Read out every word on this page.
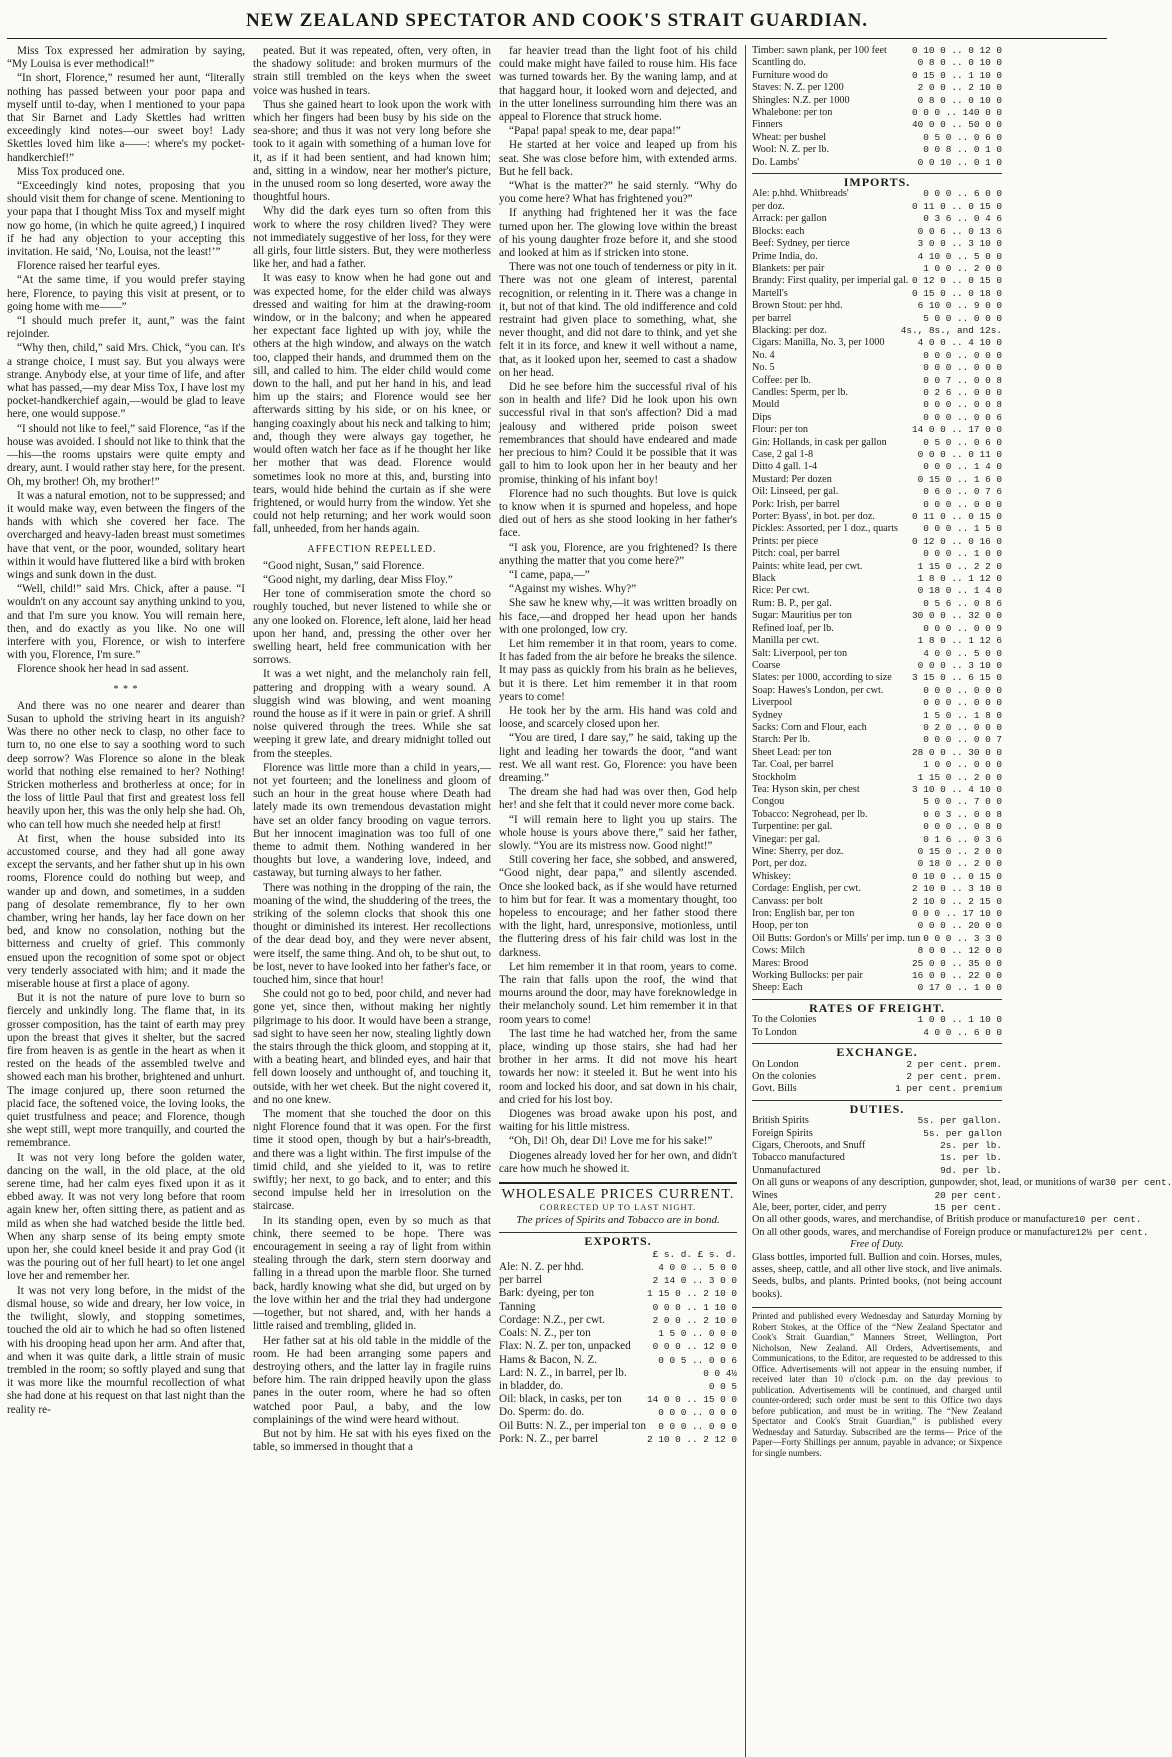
NEW ZEALAND SPECTATOR AND COOK'S STRAIT GUARDIAN.

Miss Tox expressed her admiration by saying, “My Louisa is ever methodical!”

“In short, Florence,” resumed her aunt, “literally nothing has passed between your poor papa and myself until to-day, when I mentioned to your papa that Sir Barnet and Lady Skettles had written exceedingly kind notes—our sweet boy! Lady Skettles loved him like a——: where's my pocket-handkerchief!”

Miss Tox produced one.

“Exceedingly kind notes, proposing that you should visit them for change of scene. Mentioning to your papa that I thought Miss Tox and myself might now go home, (in which he quite agreed,) I inquired if he had any objection to your accepting this invitation. He said, ‘No, Louisa, not the least!’”

Florence raised her tearful eyes.

“At the same time, if you would prefer staying here, Florence, to paying this visit at present, or to going home with me——”

“I should much prefer it, aunt,” was the faint rejoinder.

“Why then, child,” said Mrs. Chick, “you can. It's a strange choice, I must say. But you always were strange. Anybody else, at your time of life, and after what has passed,—my dear Miss Tox, I have lost my pocket-handkerchief again,—would be glad to leave here, one would suppose.”

“I should not like to feel,” said Florence, “as if the house was avoided. I should not like to think that the—his—the rooms upstairs were quite empty and dreary, aunt. I would rather stay here, for the present. Oh, my brother! Oh, my brother!”

It was a natural emotion, not to be suppressed; and it would make way, even between the fingers of the hands with which she covered her face. The overcharged and heavy-laden breast must sometimes have that vent, or the poor, wounded, solitary heart within it would have fluttered like a bird with broken wings and sunk down in the dust.

“Well, child!” said Mrs. Chick, after a pause. “I wouldn't on any account say anything unkind to you, and that I'm sure you know. You will remain here, then, and do exactly as you like. No one will interfere with you, Florence, or wish to interfere with you, Florence, I'm sure.”

Florence shook her head in sad assent.

* * *

And there was no one nearer and dearer than Susan to uphold the striving heart in its anguish? Was there no other neck to clasp, no other face to turn to, no one else to say a soothing word to such deep sorrow? Was Florence so alone in the bleak world that nothing else remained to her? Nothing! Stricken motherless and brotherless at once; for in the loss of little Paul that first and greatest loss fell heavily upon her, this was the only help she had. Oh, who can tell how much she needed help at first!

At first, when the house subsided into its accustomed course, and they had all gone away except the servants, and her father shut up in his own rooms, Florence could do nothing but weep, and wander up and down, and sometimes, in a sudden pang of desolate remembrance, fly to her own chamber, wring her hands, lay her face down on her bed, and know no consolation, nothing but the bitterness and cruelty of grief. This commonly ensued upon the recognition of some spot or object very tenderly associated with him; and it made the miserable house at first a place of agony.

But it is not the nature of pure love to burn so fiercely and unkindly long. The flame that, in its grosser composition, has the taint of earth may prey upon the breast that gives it shelter, but the sacred fire from heaven is as gentle in the heart as when it rested on the heads of the assembled twelve and showed each man his brother, brightened and unhurt. The image conjured up, there soon returned the placid face, the softened voice, the loving looks, the quiet trustfulness and peace; and Florence, though she wept still, wept more tranquilly, and courted the remembrance.

It was not very long before the golden water, dancing on the wall, in the old place, at the old serene time, had her calm eyes fixed upon it as it ebbed away. It was not very long before that room again knew her, often sitting there, as patient and as mild as when she had watched beside the little bed. When any sharp sense of its being empty smote upon her, she could kneel beside it and pray God (it was the pouring out of her full heart) to let one angel love her and remember her.

It was not very long before, in the midst of the dismal house, so wide and dreary, her low voice, in the twilight, slowly, and stopping sometimes, touched the old air to which he had so often listened with his drooping head upon her arm. And after that, and when it was quite dark, a little strain of music trembled in the room; so softly played and sung that it was more like the mournful recollection of what she had done at his request on that last night than the reality re-

peated. But it was repeated, often, very often, in the shadowy solitude: and broken murmurs of the strain still trembled on the keys when the sweet voice was hushed in tears.

Thus she gained heart to look upon the work with which her fingers had been busy by his side on the sea-shore; and thus it was not very long before she took to it again with something of a human love for it, as if it had been sentient, and had known him; and, sitting in a window, near her mother's picture, in the unused room so long deserted, wore away the thoughtful hours.

Why did the dark eyes turn so often from this work to where the rosy children lived? They were not immediately suggestive of her loss, for they were all girls, four little sisters. But, they were motherless like her, and had a father.

It was easy to know when he had gone out and was expected home, for the elder child was always dressed and waiting for him at the drawing-room window, or in the balcony; and when he appeared her expectant face lighted up with joy, while the others at the high window, and always on the watch too, clapped their hands, and drummed them on the sill, and called to him. The elder child would come down to the hall, and put her hand in his, and lead him up the stairs; and Florence would see her afterwards sitting by his side, or on his knee, or hanging coaxingly about his neck and talking to him; and, though they were always gay together, he would often watch her face as if he thought her like her mother that was dead. Florence would sometimes look no more at this, and, bursting into tears, would hide behind the curtain as if she were frightened, or would hurry from the window. Yet she could not help returning; and her work would soon fall, unheeded, from her hands again.

AFFECTION REPELLED.

“Good night, Susan,” said Florence.

“Good night, my darling, dear Miss Floy.”

Her tone of commiseration smote the chord so roughly touched, but never listened to while she or any one looked on. Florence, left alone, laid her head upon her hand, and, pressing the other over her swelling heart, held free communication with her sorrows.

It was a wet night, and the melancholy rain fell, pattering and dropping with a weary sound. A sluggish wind was blowing, and went moaning round the house as if it were in pain or grief. A shrill noise quivered through the trees. While she sat weeping it grew late, and dreary midnight tolled out from the steeples.

Florence was little more than a child in years,—not yet fourteen; and the loneliness and gloom of such an hour in the great house where Death had lately made its own tremendous devastation might have set an older fancy brooding on vague terrors. But her innocent imagination was too full of one theme to admit them. Nothing wandered in her thoughts but love, a wandering love, indeed, and castaway, but turning always to her father.

There was nothing in the dropping of the rain, the moaning of the wind, the shuddering of the trees, the striking of the solemn clocks that shook this one thought or diminished its interest. Her recollections of the dear dead boy, and they were never absent, were itself, the same thing. And oh, to be shut out, to be lost, never to have looked into her father's face, or touched him, since that hour!

She could not go to bed, poor child, and never had gone yet, since then, without making her nightly pilgrimage to his door. It would have been a strange, sad sight to have seen her now, stealing lightly down the stairs through the thick gloom, and stopping at it, with a beating heart, and blinded eyes, and hair that fell down loosely and unthought of, and touching it, outside, with her wet cheek. But the night covered it, and no one knew.

The moment that she touched the door on this night Florence found that it was open. For the first time it stood open, though by but a hair's-breadth, and there was a light within. The first impulse of the timid child, and she yielded to it, was to retire swiftly; her next, to go back, and to enter; and this second impulse held her in irresolution on the staircase.

In its standing open, even by so much as that chink, there seemed to be hope. There was encouragement in seeing a ray of light from within stealing through the dark, stern stern doorway and falling in a thread upon the marble floor. She turned back, hardly knowing what she did, but urged on by the love within her and the trial they had undergone—together, but not shared, and, with her hands a little raised and trembling, glided in.

Her father sat at his old table in the middle of the room. He had been arranging some papers and destroying others, and the latter lay in fragile ruins before him. The rain dripped heavily upon the glass panes in the outer room, where he had so often watched poor Paul, a baby, and the low complainings of the wind were heard without.

But not by him. He sat with his eyes fixed on the table, so immersed in thought that a

far heavier tread than the light foot of his child could make might have failed to rouse him. His face was turned towards her. By the waning lamp, and at that haggard hour, it looked worn and dejected, and in the utter loneliness surrounding him there was an appeal to Florence that struck home.

“Papa! papa! speak to me, dear papa!”

He started at her voice and leaped up from his seat. She was close before him, with extended arms. But he fell back.

“What is the matter?” he said sternly. “Why do you come here? What has frightened you?”

If anything had frightened her it was the face turned upon her. The glowing love within the breast of his young daughter froze before it, and she stood and looked at him as if stricken into stone.

There was not one touch of tenderness or pity in it. There was not one gleam of interest, parental recognition, or relenting in it. There was a change in it, but not of that kind. The old indifference and cold restraint had given place to something, what, she never thought, and did not dare to think, and yet she felt it in its force, and knew it well without a name, that, as it looked upon her, seemed to cast a shadow on her head.

Did he see before him the successful rival of his son in health and life? Did he look upon his own successful rival in that son's affection? Did a mad jealousy and withered pride poison sweet remembrances that should have endeared and made her precious to him? Could it be possible that it was gall to him to look upon her in her beauty and her promise, thinking of his infant boy!

Florence had no such thoughts. But love is quick to know when it is spurned and hopeless, and hope died out of hers as she stood looking in her father's face.

“I ask you, Florence, are you frightened? Is there anything the matter that you come here?”

“I came, papa,—”

“Against my wishes. Why?”

She saw he knew why,—it was written broadly on his face,—and dropped her head upon her hands with one prolonged, low cry.

Let him remember it in that room, years to come. It has faded from the air before he breaks the silence. It may pass as quickly from his brain as he believes, but it is there. Let him remember it in that room years to come!

He took her by the arm. His hand was cold and loose, and scarcely closed upon her.

“You are tired, I dare say,” he said, taking up the light and leading her towards the door, “and want rest. We all want rest. Go, Florence: you have been dreaming.”

The dream she had had was over then, God help her! and she felt that it could never more come back.

“I will remain here to light you up stairs. The whole house is yours above there,” said her father, slowly. “You are its mistress now. Good night!”

Still covering her face, she sobbed, and answered, “Good night, dear papa,” and silently ascended. Once she looked back, as if she would have returned to him but for fear. It was a momentary thought, too hopeless to encourage; and her father stood there with the light, hard, unresponsive, motionless, until the fluttering dress of his fair child was lost in the darkness.

Let him remember it in that room, years to come. The rain that falls upon the roof, the wind that mourns around the door, may have foreknowledge in their melancholy sound. Let him remember it in that room years to come!

The last time he had watched her, from the same place, winding up those stairs, she had had her brother in her arms. It did not move his heart towards her now: it steeled it. But he went into his room and locked his door, and sat down in his chair, and cried for his lost boy.

Diogenes was broad awake upon his post, and waiting for his little mistress.

“Oh, Di! Oh, dear Di! Love me for his sake!”

Diogenes already loved her for her own, and didn't care how much he showed it.

WHOLESALE PRICES CURRENT.
CORRECTED UP TO LAST NIGHT.
The prices of Spirits and Tobacco are in bond.
EXPORTS.
£ s. d. £ s. d.
Ale: N. Z. per hhd.	4 0 0 .. 5 0 0
per barrel	2 14 0 .. 3 0 0
Bark: dyeing, per ton	1 15 0 .. 2 10 0
Tanning	0 0 0 .. 1 10 0
Cordage: N.Z., per cwt.	2 0 0 .. 2 10 0
Coals: N. Z., per ton	1 5 0 .. 0 0 0
Flax: N. Z. per ton, unpacked 0 0 0 .. 12 0 0
Hams & Bacon, N. Z.	0 0 5 .. 0 0 6
Lard: N. Z., in barrel, per lb.	0 0 4½
in bladder, do.	0 0 5
Oil: black, in casks, per ton	14 0 0 .. 15 0 0
Do. Sperm: do. do.	0 0 0 .. 0 0 0
Oil Butts: N. Z., per imperial ton 0 0 0 .. 0 0 0
Pork: N. Z., per barrel	2 10 0 .. 2 12 0
Timber: sawn plank, per 100 feet	0 10 0 .. 0 12 0
Scantling do.	0 8 0 .. 0 10 0
Furniture wood do	0 15 0 .. 1 10 0
Staves: N. Z. per 1200	2 0 0 .. 2 10 0
Shingles: N.Z. per 1000	0 8 0 .. 0 10 0
Whalebone: per ton	0 0 0 .. 140 0 0
Finners	40 0 0 .. 50 0 0
Wheat: per bushel	0 5 0 .. 0 6 0
Wool: N. Z. per lb.	0 0 8 .. 0 1 0
Do. Lambs'	0 0 10 .. 0 1 0
IMPORTS.
Ale: p.hhd. Whitbreads'	0 0 0 .. 6 0 0
per doz.	0 11 0 .. 0 15 0
Arrack: per gallon	0 3 6 .. 0 4 6
Blocks: each	0 0 6 .. 0 13 6
Beef: Sydney, per tierce	3 0 0 .. 3 10 0
Prime India, do.	4 10 0 .. 5 0 0
Blankets: per pair	1 0 0 .. 2 0 0
Brandy: First quality, per imperial gal. 0 12 0 .. 0 15 0
Martell's	0 15 0 .. 0 18 0
Brown Stout: per hhd.	6 10 0 .. 9 0 0
per barrel	5 0 0 .. 0 0 0
Blacking: per doz.	4s., 8s., and 12s.
Cigars: Manilla, No. 3, per 1000	4 0 0 .. 4 10 0
No. 4	0 0 0 .. 0 0 0
No. 5	0 0 0 .. 0 0 0
Coffee: per lb.	0 0 7 .. 0 0 8
Candles: Sperm, per lb.	0 2 6 .. 0 0 0
Mould	0 0 0 .. 0 0 8
Dips	0 0 0 .. 0 0 6
Flour: per ton	14 0 0 .. 17 0 0
Gin: Hollands, in cask per gallon	0 5 0 .. 0 6 0
Case, 2 gal 1-8	0 0 0 .. 0 11 0
Ditto 4 gall. 1-4	0 0 0 .. 1 4 0
Mustard: Per dozen	0 15 0 .. 1 6 0
Oil: Linseed, per gal.	0 6 0 .. 0 7 6
Pork: Irish, per barrel	0 0 0 .. 0 0 0
Porter: Byass', in bot. per doz.	0 11 0 .. 0 15 0
Pickles: Assorted, per 1 doz., quarts	0 0 0 .. 1 5 0
Prints: per piece	0 12 0 .. 0 16 0
Pitch: coal, per barrel	0 0 0 .. 1 0 0
Paints: white lead, per cwt.	1 15 0 .. 2 2 0
Black	1 8 0 .. 1 12 0
Rice: Per cwt.	0 18 0 .. 1 4 0
Rum: B. P., per gal.	0 5 6 .. 0 8 6
Sugar: Mauritius per ton	30 0 0 .. 32 0 0
Refined loaf, per lb.	0 0 0 .. 0 0 9
Manilla per cwt.	1 8 0 .. 1 12 6
Salt: Liverpool, per ton	4 0 0 .. 5 0 0
Coarse	0 0 0 .. 3 10 0
Slates: per 1000, according to size 3 15 0 .. 6 15 0
Soap: Hawes's London, per cwt.	0 0 0 .. 0 0 0
Liverpool	0 0 0 .. 0 0 0
Sydney	1 5 0 .. 1 8 0
Sacks: Corn and Flour, each	0 2 0 .. 0 0 0
Starch: Per lb.	0 0 0 .. 0 0 7
Sheet Lead: per ton	28 0 0 .. 30 0 0
Tar. Coal, per barrel	1 0 0 .. 0 0 0
Stockholm	1 15 0 .. 2 0 0
Tea: Hyson skin, per chest	3 10 0 .. 4 10 0
Congou	5 0 0 .. 7 0 0
Tobacco: Negrohead, per lb.	0 0 3 .. 0 0 8
Turpentine: per gal.	0 0 0 .. 0 8 0
Vinegar: per gal.	0 1 6 .. 0 3 6
Wine: Sherry, per doz.	0 15 0 .. 2 0 0
Port, per doz.	0 18 0 .. 2 0 0
Whiskey:	0 10 0 .. 0 15 0
Cordage: English, per cwt.	2 10 0 .. 3 10 0
Canvass: per bolt	2 10 0 .. 2 15 0
Iron: English bar, per ton	0 0 0 .. 17 10 0
Hoop, per ton	0 0 0 .. 20 0 0
Oil Butts: Gordon's or Mills' per imp. tun 0 0 0 .. 3 3 0
Cows: Milch	8 0 0 .. 12 0 0
Mares: Brood	25 0 0 .. 35 0 0
Working Bullocks: per pair	16 0 0 .. 22 0 0
Sheep: Each	0 17 0 .. 1 0 0
RATES OF FREIGHT.
To the Colonies	1 0 0 .. 1 10 0
To London	4 0 0 .. 6 0 0
EXCHANGE.
On London	2 per cent. prem.
On the colonies	2 per cent. prem.
Govt. Bills	1 per cent. premium
DUTIES.
British Spirits	5s. per gallon.
Foreign Spirits	5s. per gallon
Cigars, Cheroots, and Snuff	2s. per lb.
Tobacco manufactured	1s. per lb.
Unmanufactured	9d. per lb.
On all guns or weapons of any description, gunpowder, shot, lead, or munitions of war 30 per cent.
Wines	20 per cent.
Ale, beer, porter, cider, and perry	15 per cent.
On all other goods, wares, and merchandise, of British produce or manufacture 10 per cent.
On all other goods, wares, and merchandise of Foreign produce or manufacture 12½ per cent.
Free of Duty.
Glass bottles, imported full. Bullion and coin. Horses, mules, asses, sheep, cattle, and all other live stock, and live animals. Seeds, bulbs, and plants. Printed books, (not being account books).
Printed and published every Wednesday and Saturday Morning by Robert Stokes, at the Office of the “New Zealand Spectator and Cook's Strait Guardian,” Manners Street, Wellington, Port Nicholson, New Zealand. All Orders, Advertisements, and Communications, to the Editor, are requested to be addressed to this Office. Advertisements will not appear in the ensuing number, if received later than 10 o'clock p.m. on the day previous to publication. Advertisements will be continued, and charged until counter-ordered; such order must be sent to this Office two days before publication, and must be in writing. The “New Zealand Spectator and Cook's Strait Guardian,” is published every Wednesday and Saturday. Subscribed are the terms— Price of the Paper—Forty Shillings per annum, payable in advance; or Sixpence for single numbers.
